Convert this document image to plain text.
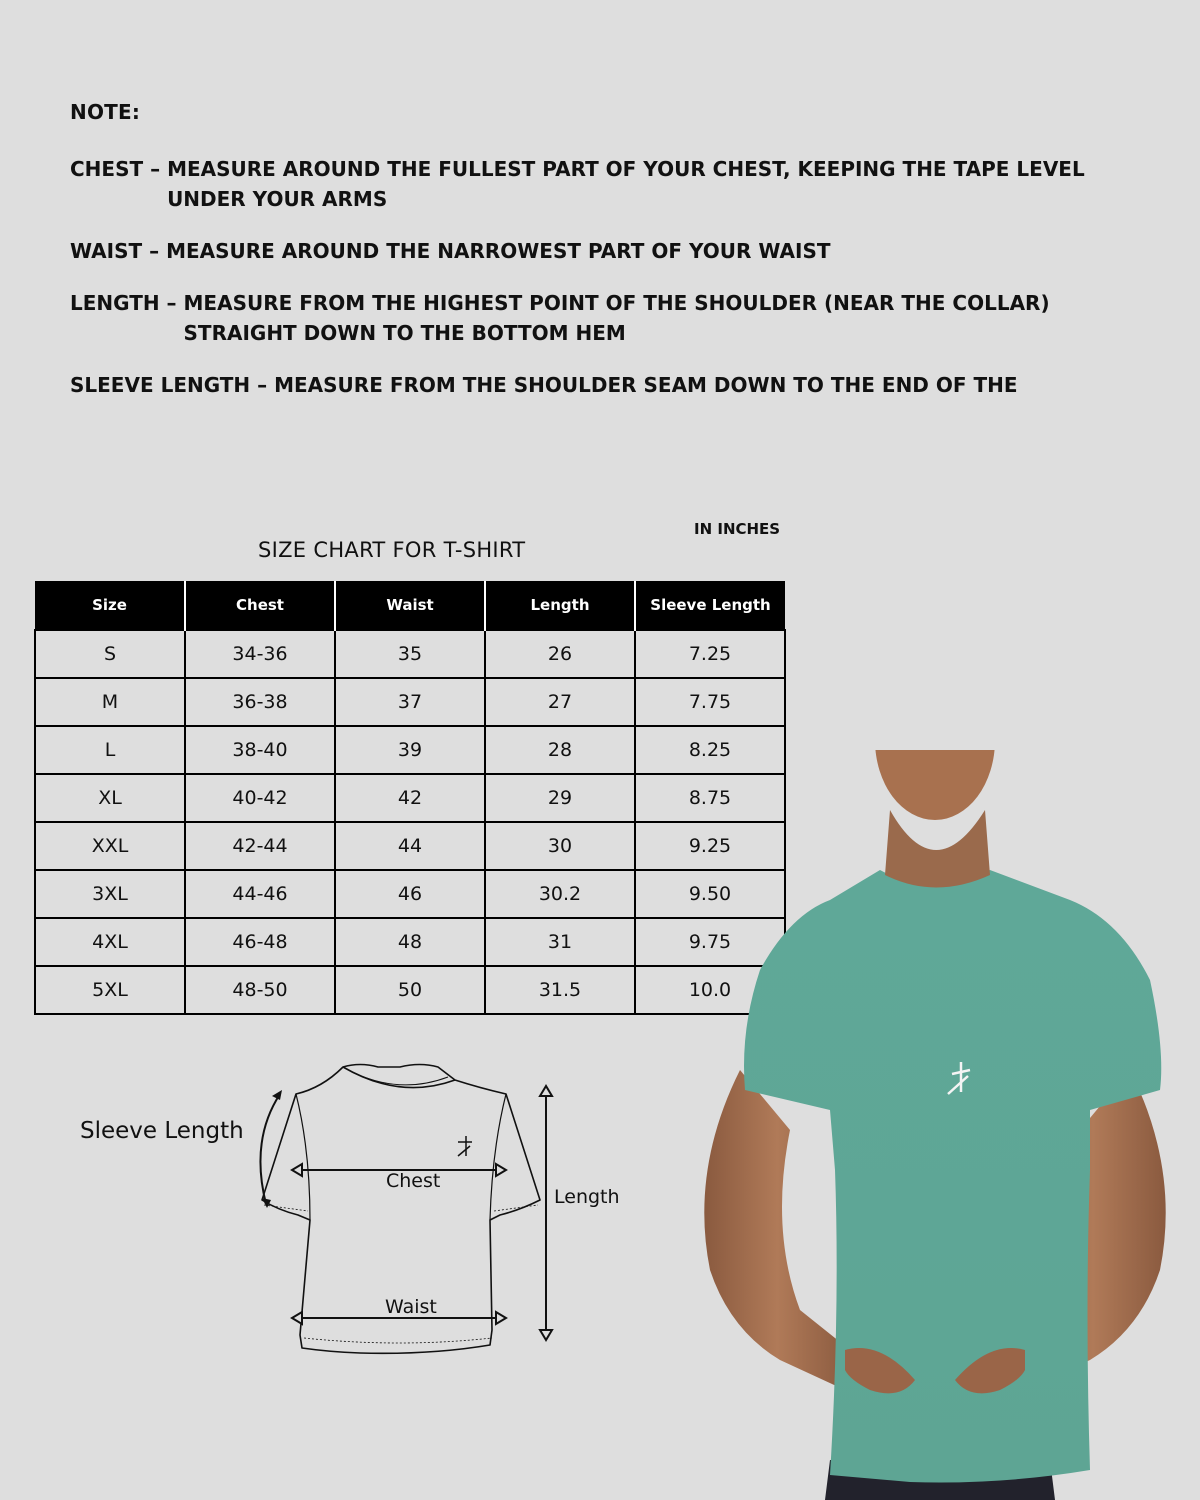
NOTE:
CHEST – MEASURE AROUND THE FULLEST PART OF YOUR CHEST, KEEPING THE TAPE LEVEL UNDER YOUR ARMS
WAIST – MEASURE AROUND THE NARROWEST PART OF YOUR WAIST
LENGTH – MEASURE FROM THE HIGHEST POINT OF THE SHOULDER (NEAR THE COLLAR) STRAIGHT DOWN TO THE BOTTOM HEM
SLEEVE LENGTH – MEASURE FROM THE SHOULDER SEAM DOWN TO THE END OF THE
IN INCHES
SIZE CHART FOR T-SHIRT
Size	Chest	Waist	Length	Sleeve Length
S	34-36	35	26	7.25
M	36-38	37	27	7.75
L	38-40	39	28	8.25
XL	40-42	42	29	8.75
XXL	42-44	44	30	9.25
3XL	44-46	46	30.2	9.50
4XL	46-48	48	31	9.75
5XL	48-50	50	31.5	10.0
Sleeve Length
Chest
Length
Waist
